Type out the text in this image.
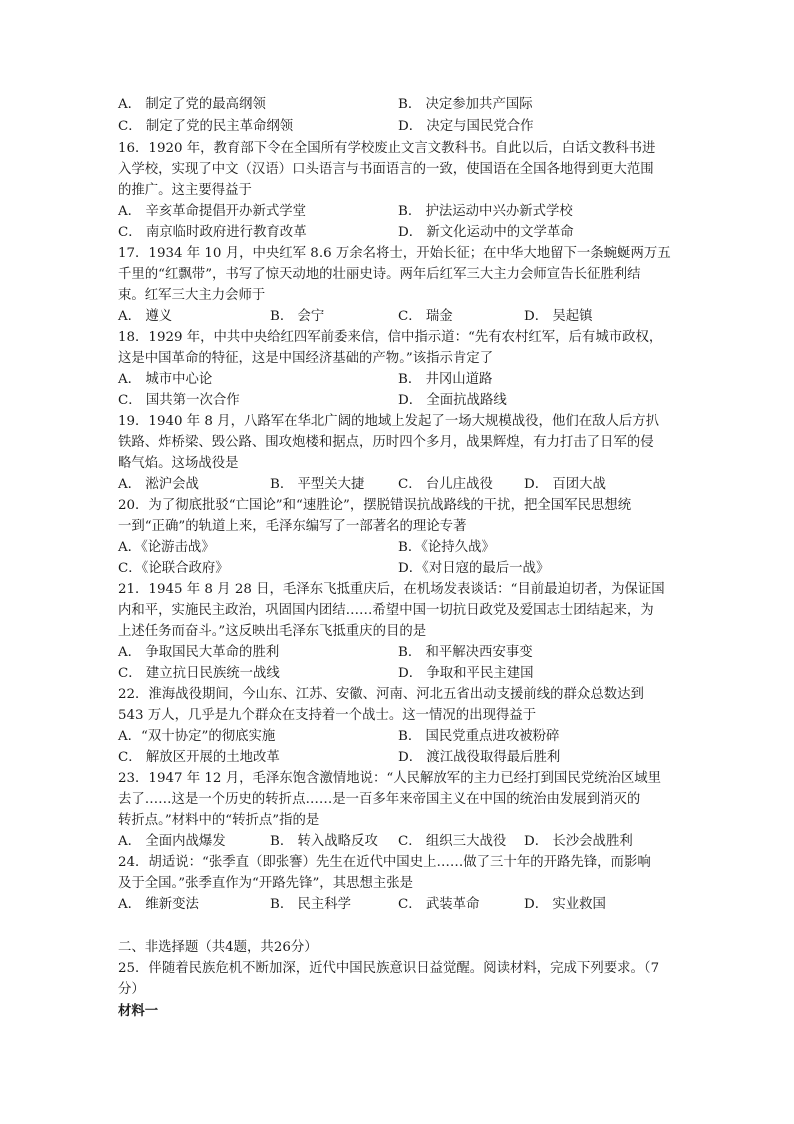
A． 制定了党的最高纲领	B． 决定参加共产国际
C． 制定了党的民主革命纲领	D． 决定与国民党合作
16．1920 年，教育部下令在全国所有学校废止文言文教科书。自此以后，白话文教科书进
入学校，实现了中文（汉语）口头语言与书面语言的一致，使国语在全国各地得到更大范围
的推广。这主要得益于
A． 辛亥革命提倡开办新式学堂	B． 护法运动中兴办新式学校
C． 南京临时政府进行教育改革	D． 新文化运动中的文学革命
17．1934 年 10 月，中央红军 8.6 万余名将士，开始长征；在中华大地留下一条蜿蜒两万五
千里的“红飘带”，书写了惊天动地的壮丽史诗。两年后红军三大主力会师宣告长征胜利结
束。红军三大主力会师于
A． 遵义	B． 会宁	C． 瑞金	D． 吴起镇
18．1929 年，中共中央给红四军前委来信，信中指示道：“先有农村红军，后有城市政权，
这是中国革命的特征，这是中国经济基础的产物。”该指示肯定了
A． 城市中心论	B． 井冈山道路
C． 国共第一次合作	D． 全面抗战路线
19．1940 年 8 月，八路军在华北广阔的地域上发起了一场大规模战役，他们在敌人后方扒
铁路、炸桥梁、毁公路、围攻炮楼和据点，历时四个多月，战果辉煌，有力打击了日军的侵
略气焰。这场战役是
A． 淞沪会战	B． 平型关大捷	C． 台儿庄战役 D． 百团大战
20．为了彻底批驳“亡国论”和“速胜论”，摆脱错误抗战路线的干扰，把全国军民思想统
一到“正确”的轨道上来，毛泽东编写了一部著名的理论专著
A．《论游击战》	B．《论持久战》
C．《论联合政府》	D．《对日寇的最后一战》
21．1945 年 8 月 28 日，毛泽东飞抵重庆后，在机场发表谈话：“目前最迫切者，为保证国
内和平，实施民主政治，巩固国内团结……希望中国一切抗日政党及爱国志士团结起来，为
上述任务而奋斗。”这反映出毛泽东飞抵重庆的目的是
A． 争取国民大革命的胜利	B． 和平解决西安事变
C． 建立抗日民族统一战线	D． 争取和平民主建国
22．淮海战役期间，今山东、江苏、安徽、河南、河北五省出动支援前线的群众总数达到
543 万人，几乎是九个群众在支持着一个战士。这一情况的出现得益于
A．“双十协定”的彻底实施	B． 国民党重点进攻被粉碎
C． 解放区开展的土地改革	D． 渡江战役取得最后胜利
23．1947 年 12 月，毛泽东饱含激情地说：“人民解放军的主力已经打到国民党统治区域里
去了……这是一个历史的转折点……是一百多年来帝国主义在中国的统治由发展到消灭的
转折点。”材料中的“转折点”指的是
A． 全面内战爆发	B． 转入战略反攻 C． 组织三大战役 D． 长沙会战胜利
24．胡适说：“张季直（即张謇）先生在近代中国史上……做了三十年的开路先锋，而影响
及于全国。”张季直作为“开路先锋”，其思想主张是
A． 维新变法	B． 民主科学	C． 武装革命	D． 实业救国
二、非选择题（共4题，共26分）
25．伴随着民族危机不断加深，近代中国民族意识日益觉醒。阅读材料，完成下列要求。（7
分）
材料一
